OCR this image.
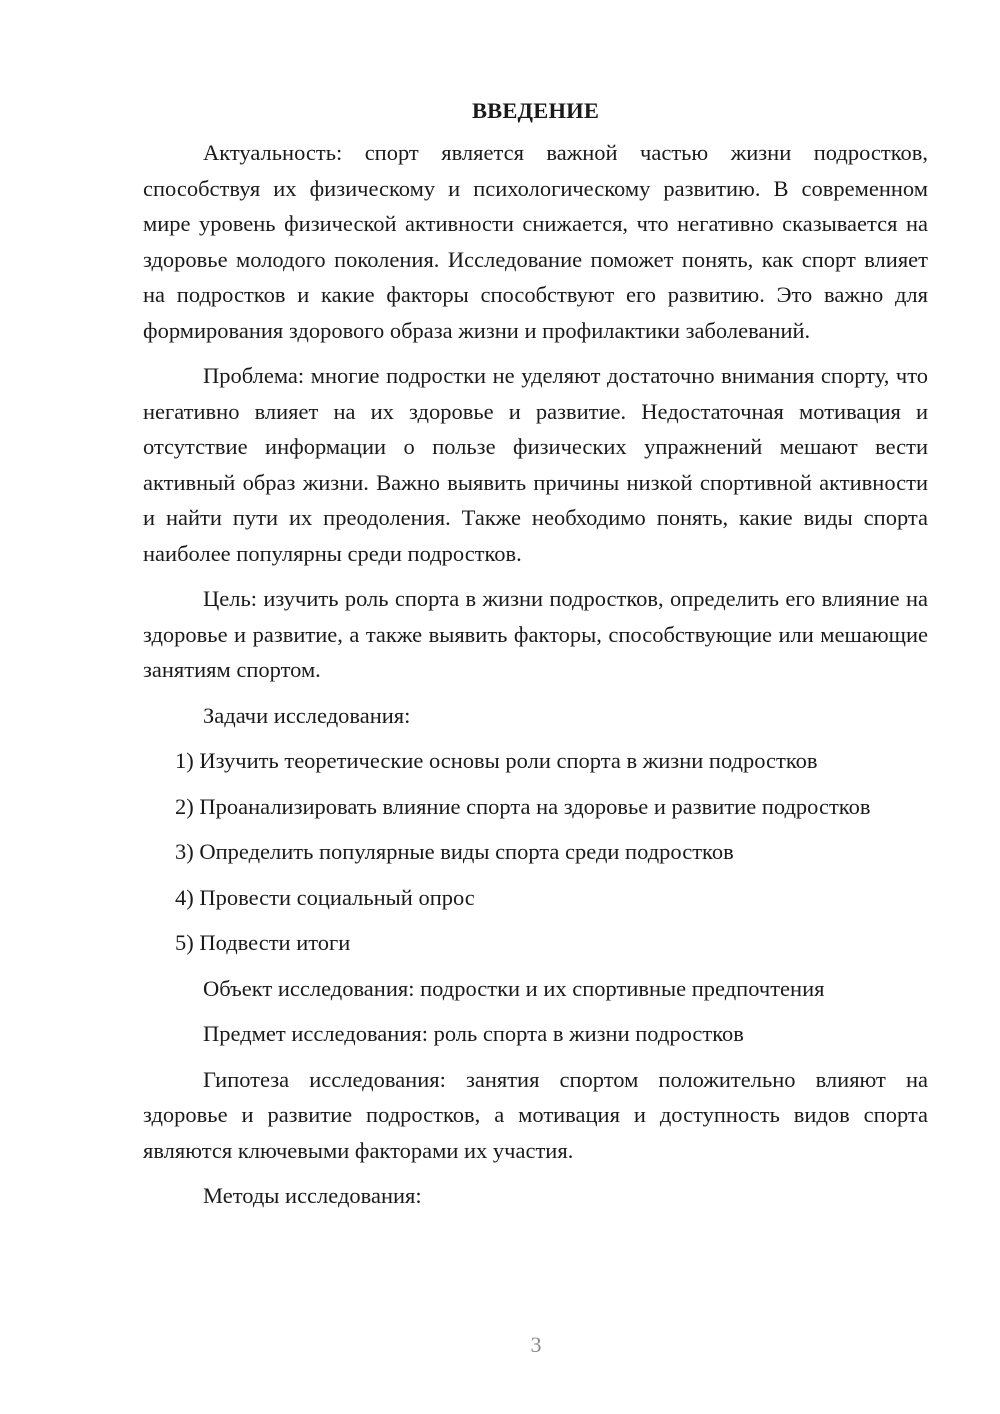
ВВЕДЕНИЕ

Актуальность: спорт является важной частью жизни подростков, способствуя их физическому и психологическому развитию. В современном мире уровень физической активности снижается, что негативно сказывается на здоровье молодого поколения. Исследование поможет понять, как спорт влияет на подростков и какие факторы способствуют его развитию. Это важно для формирования здорового образа жизни и профилактики заболеваний.

Проблема: многие подростки не уделяют достаточно внимания спорту, что негативно влияет на их здоровье и развитие. Недостаточная мотивация и отсутствие информации о пользе физических упражнений мешают вести активный образ жизни. Важно выявить причины низкой спортивной активности и найти пути их преодоления. Также необходимо понять, какие виды спорта наиболее популярны среди подростков.

Цель: изучить роль спорта в жизни подростков, определить его влияние на здоровье и развитие, а также выявить факторы, способствующие или мешающие занятиям спортом.

Задачи исследования:

1) Изучить теоретические основы роли спорта в жизни подростков

2) Проанализировать влияние спорта на здоровье и развитие подростков

3) Определить популярные виды спорта среди подростков

4) Провести социальный опрос

5) Подвести итоги

Объект исследования: подростки и их спортивные предпочтения

Предмет исследования: роль спорта в жизни подростков

Гипотеза исследования: занятия спортом положительно влияют на здоровье и развитие подростков, а мотивация и доступность видов спорта являются ключевыми факторами их участия.

Методы исследования:

3
